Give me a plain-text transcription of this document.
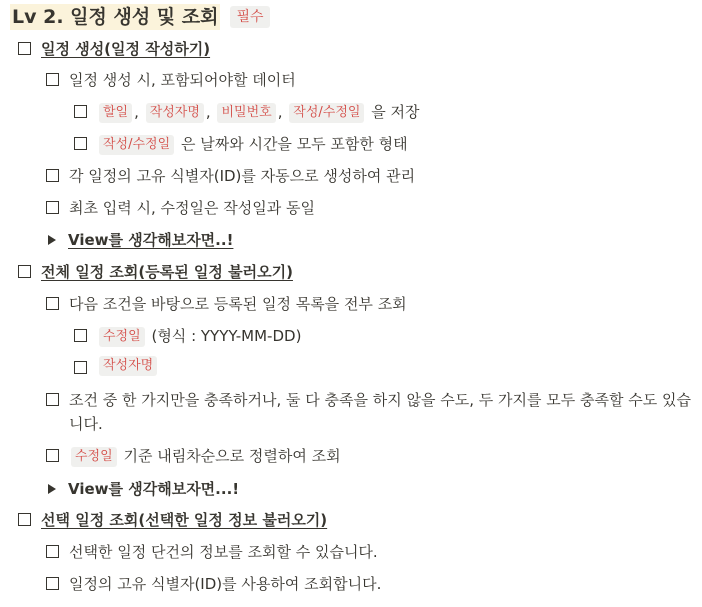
Lv 2. 일정 생성 및 조회	필수
일정 생성(일정 작성하기)
일정 생성 시, 포함되어야할 데이터
할일 , 작성자명 , 비밀번호 , 작성/수정일 을 저장
작성/수정일 은 날짜와 시간을 모두 포함한 형태
각 일정의 고유 식별자(ID)를 자동으로 생성하여 관리
최초 입력 시, 수정일은 작성일과 동일
View를 생각해보자면..!
전체 일정 조회(등록된 일정 불러오기)
다음 조건을 바탕으로 등록된 일정 목록을 전부 조회
수정일 (형식 : YYYY-MM-DD)
작성자명
조건 중 한 가지만을 충족하거나, 둘 다 충족을 하지 않을 수도, 두 가지를 모두 충족할 수도 있습니다.
수정일 기준 내림차순으로 정렬하여 조회
View를 생각해보자면...!
선택 일정 조회(선택한 일정 정보 불러오기)
선택한 일정 단건의 정보를 조회할 수 있습니다.
일정의 고유 식별자(ID)를 사용하여 조회합니다.
